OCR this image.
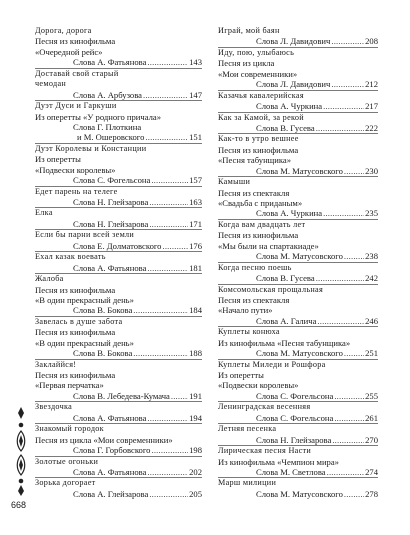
Дорога, дорога
Песня из кинофильма
«Очередной рейс»
Слова А. Фатьянова .....	143
Доставай свой старый
чемодан
Слова А. Арбузова .....	147
Дуэт Дуси и Гаркуши
Из оперетты «У родного причала»
Слова Г. Плоткина
и М. Ошеровского .....	151
Дуэт Королевы и Констанции
Из оперетты
«Подвески королевы»
Слова С. Фогельсона .....	157
Едет парень на телеге
Слова Н. Глейзарова .....	163
Елка
Слова Н. Глейзарова .....	171
Если бы парни всей земли
Слова Е. Долматовского .....	176
Ехал казак воевать
Слова А. Фатьянова .....	181
Жалоба
Песня из кинофильма
«В один прекрасный день»
Слова В. Бокова .....	184
Завелась в душе забота
Песня из кинофильма
«В один прекрасный день»
Слова В. Бокова .....	188
Заклаййся!
Песня из кинофильма
«Первая перчатка»
Слова В. Лебедева-Кумача ..... 191
Звездочка
Слова А. Фатьянова .....	194
Знакомый городок
Песня из цикла «Мои современники»
Слова Г. Горбовского .....	198
Золотые огоньки
Слова А. Фатьянова .....	202
Зорька догорает
Слова А. Глейзарова .....	205
Играй, мой баян
Слова Л. Давидович .....	208
Иду, пою, улыбаюсь
Песня из цикла
«Мои современники»
Слова Л. Давидович .....	212
Казачья кавалерийская
Слова А. Чуркина .....	217
Как за Камой, за рекой
Слова В. Гусева .....	222
Как-то в утро вешнее
Песня из кинофильма
«Песня табунщика»
Слова М. Матусовского .....	230
Камыши
Песня из спектакля
«Свадьба с приданым»
Слова А. Чуркина .....	235
Когда вам двадцать лет
Песня из кинофильма
«Мы были на спартакиаде»
Слова М. Матусовского .....	238
Когда песню поешь
Слова В. Гусева .....	242
Комсомольская прощальная
Песня из спектакля
«Начало пути»
Слова А. Галича .....	246
Куплеты конюха
Из кинофильма «Песня табунщика»
Слова М. Матусовского .....	251
Куплеты Миледи и Рошфора
Из оперетты
«Подвески королевы»
Слова С. Фогельсона .....	255
Ленинградская весенняя
Слова С. Фогельсона .....	261
Летняя песенка
Слова Н. Глейзарова .....	270
Лирическая песня Насти
Из кинофильма «Чемпион мира»
Слова М. Светлова .....	274
Марш милиции
Слова М. Матусовского .....	278
668
